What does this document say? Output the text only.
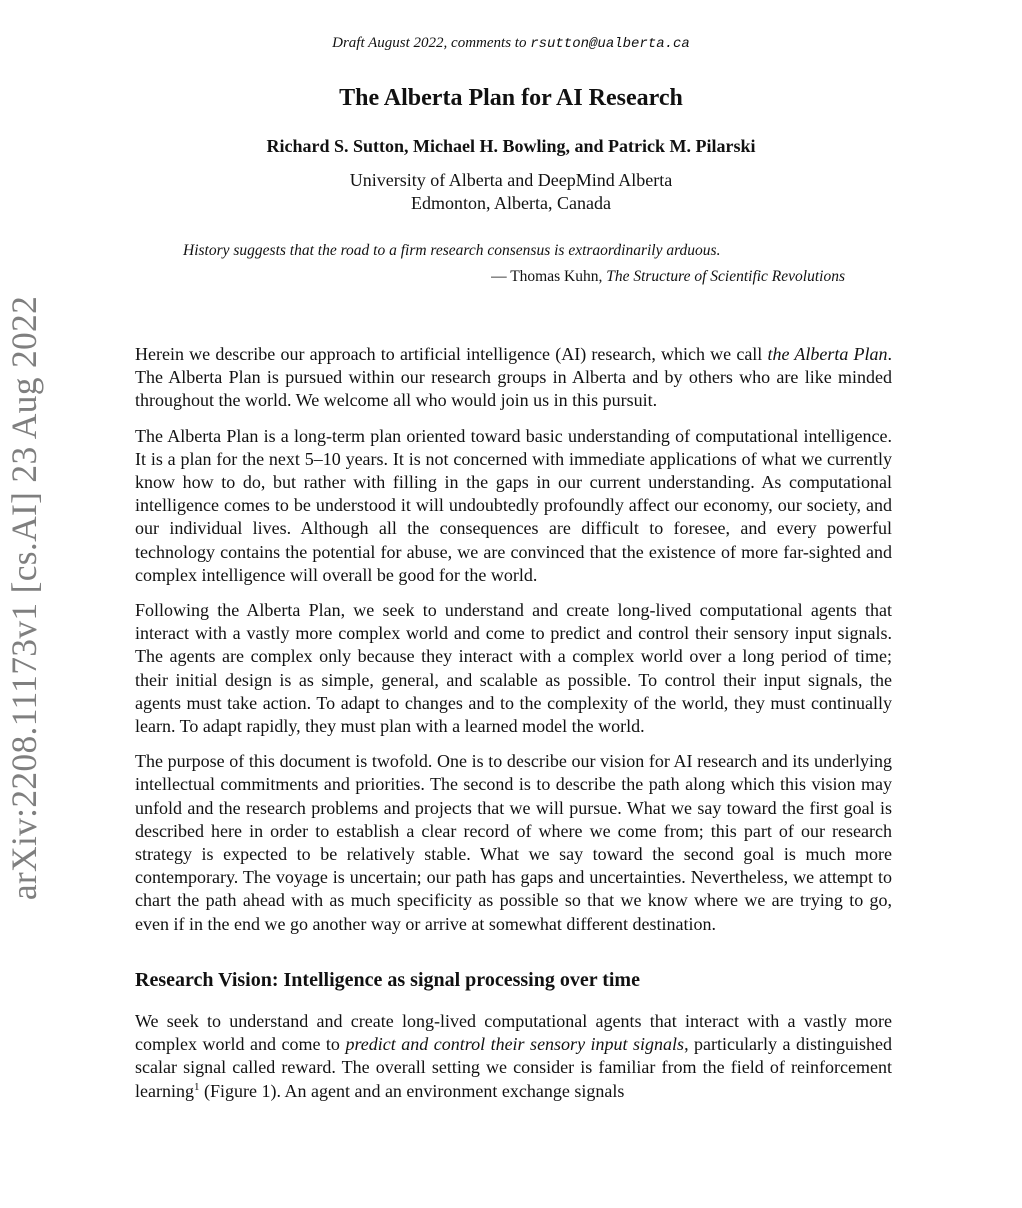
arXiv:2208.11173v1 [cs.AI] 23 Aug 2022
Draft August 2022, comments to rsutton@ualberta.ca
The Alberta Plan for AI Research
Richard S. Sutton, Michael H. Bowling, and Patrick M. Pilarski
University of Alberta and DeepMind Alberta
Edmonton, Alberta, Canada
History suggests that the road to a firm research consensus is extraordinarily arduous.
— Thomas Kuhn, The Structure of Scientific Revolutions

Herein we describe our approach to artificial intelligence (AI) research, which we call the Alberta Plan. The Alberta Plan is pursued within our research groups in Alberta and by others who are like minded throughout the world. We welcome all who would join us in this pursuit.

The Alberta Plan is a long-term plan oriented toward basic understanding of computational intelligence. It is a plan for the next 5–10 years. It is not concerned with immediate applications of what we currently know how to do, but rather with filling in the gaps in our current understanding. As computational intelligence comes to be understood it will undoubtedly profoundly affect our economy, our society, and our individual lives. Although all the consequences are difficult to foresee, and every powerful technology contains the potential for abuse, we are convinced that the existence of more far-sighted and complex intelligence will overall be good for the world.

Following the Alberta Plan, we seek to understand and create long-lived computational agents that interact with a vastly more complex world and come to predict and control their sensory input signals. The agents are complex only because they interact with a complex world over a long period of time; their initial design is as simple, general, and scalable as possible. To control their input signals, the agents must take action. To adapt to changes and to the complexity of the world, they must continually learn. To adapt rapidly, they must plan with a learned model the world.

The purpose of this document is twofold. One is to describe our vision for AI research and its underlying intellectual commitments and priorities. The second is to describe the path along which this vision may unfold and the research problems and projects that we will pursue. What we say toward the first goal is described here in order to establish a clear record of where we come from; this part of our research strategy is expected to be relatively stable. What we say toward the second goal is much more contemporary. The voyage is uncertain; our path has gaps and uncertainties. Nevertheless, we attempt to chart the path ahead with as much specificity as possible so that we know where we are trying to go, even if in the end we go another way or arrive at somewhat different destination.

Research Vision: Intelligence as signal processing over time

We seek to understand and create long-lived computational agents that interact with a vastly more complex world and come to predict and control their sensory input signals, particularly a distinguished scalar signal called reward. The overall setting we consider is familiar from the field of reinforcement learning$^1$ (Figure 1). An agent and an environment exchange signals
